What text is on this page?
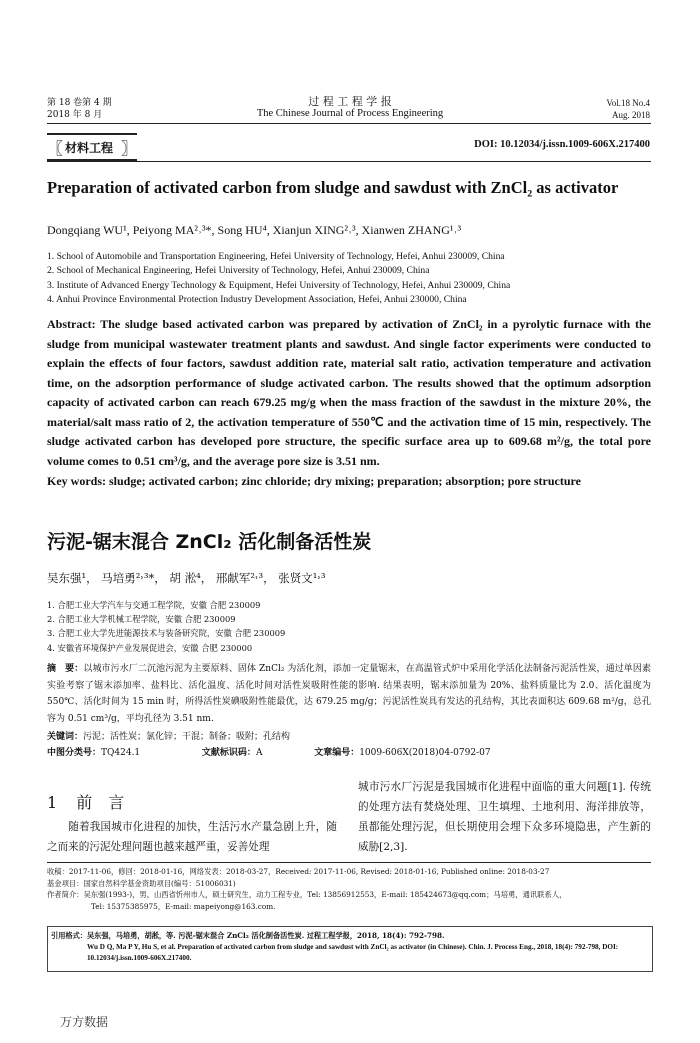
第 18 卷第 4 期
2018 年 8 月
过 程 工 程 学 报
The Chinese Journal of Process Engineering
Vol.18 No.4
Aug. 2018
〖 材料工程 〗	DOI: 10.12034/j.issn.1009-606X.217400
Preparation of activated carbon from sludge and sawdust with ZnCl₂ as activator
Dongqiang WU¹, Peiyong MA²˒³*, Song HU⁴, Xianjun XING²˒³, Xianwen ZHANG¹˒³
1. School of Automobile and Transportation Engineering, Hefei University of Technology, Hefei, Anhui 230009, China
2. School of Mechanical Engineering, Hefei University of Technology, Hefei, Anhui 230009, China
3. Institute of Advanced Energy Technology & Equipment, Hefei University of Technology, Hefei, Anhui 230009, China
4. Anhui Province Environmental Protection Industry Development Association, Hefei, Anhui 230000, China
Abstract: The sludge based activated carbon was prepared by activation of ZnCl₂ in a pyrolytic furnace with the sludge from municipal wastewater treatment plants and sawdust. And single factor experiments were conducted to explain the effects of four factors, sawdust addition rate, material salt ratio, activation temperature and activation time, on the adsorption performance of sludge activated carbon. The results showed that the optimum adsorption capacity of activated carbon can reach 679.25 mg/g when the mass fraction of the sawdust in the mixture 20%, the material/salt mass ratio of 2, the activation temperature of 550℃ and the activation time of 15 min, respectively. The sludge activated carbon has developed pore structure, the specific surface area up to 609.68 m²/g, the total pore volume comes to 0.51 cm³/g, and the average pore size is 3.51 nm.
Key words: sludge; activated carbon; zinc chloride; dry mixing; preparation; absorption; pore structure
污泥-锯末混合 ZnCl₂ 活化制备活性炭
吴东强¹， 马培勇²˒³*， 胡 淞⁴， 邢献军²˒³， 张贤文¹˒³
1. 合肥工业大学汽车与交通工程学院，安徽 合肥 230009
2. 合肥工业大学机械工程学院，安徽 合肥 230009
3. 合肥工业大学先进能源技术与装备研究院，安徽 合肥 230009
4. 安徽省环境保护产业发展促进会，安徽 合肥 230000
摘　要：以城市污水厂二沉池污泥为主要原料、固体 ZnCl₂ 为活化剂，添加一定量锯末，在高温管式炉中采用化学活化法制备污泥活性炭，通过单因素实验考察了锯末添加率、盐料比、活化温度、活化时间对活性炭吸附性能的影响. 结果表明，锯末添加量为 20%、盐料质量比为 2.0、活化温度为 550℃、活化时间为 15 min 时，所得活性炭碘吸附性能最优，达 679.25 mg/g；污泥活性炭具有发达的孔结构，其比表面积达 609.68 m²/g，总孔容为 0.51 cm³/g，平均孔径为 3.51 nm.
关键词：污泥；活性炭；氯化锌；干混；制备；吸附；孔结构
中图分类号：TQ424.1	文献标识码：A	文章编号：1009-606X(2018)04-0792-07
1 前　言
随着我国城市化进程的加快，生活污水产量急剧上升，随之而来的污泥处理问题也越来越严重，妥善处理
城市污水厂污泥是我国城市化进程中面临的重大问题[1]. 传统的处理方法有焚烧处理、卫生填埋、土地利用、海洋排放等，虽都能处理污泥，但长期使用会埋下众多环境隐患，产生新的威胁[2,3].
收稿：2017-11-06，修回：2018-01-16，网络发表：2018-03-27，Received: 2017-11-06, Revised: 2018-01-16, Published online: 2018-03-27
基金项目：国家自然科学基金资助项目(编号：51006031)
作者简介：吴东强(1993-)，男，山西省忻州市人，硕士研究生，动力工程专业，Tel: 13856912553，E-mail: 185424673@qq.com；马培勇，通讯联系人，
Tel: 15375385975，E-mail: mapeiyong@163.com.
引用格式： 吴东强，马培勇，胡淞，等. 污泥-锯末混合 ZnCl₂ 活化制备活性炭. 过程工程学报，2018, 18(4): 792-798.
Wu D Q, Ma P Y, Hu S, et al. Preparation of activated carbon from sludge and sawdust with ZnCl₂ as activator (in Chinese). Chin. J. Process Eng., 2018, 18(4): 792-798, DOI: 10.12034/j.issn.1009-606X.217400.
万方数据
